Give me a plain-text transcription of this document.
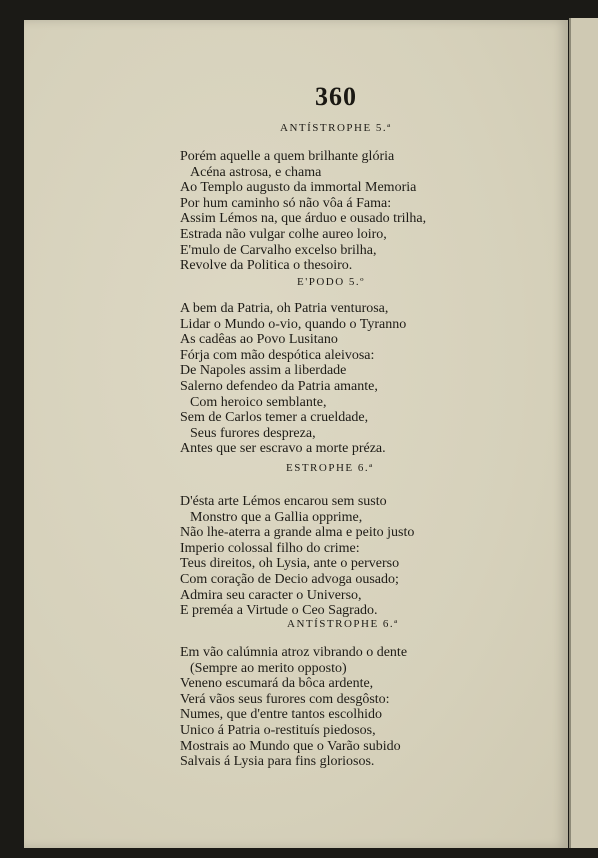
360

ANTÍSTROPHE 5.ª

Porém aquelle a quem brilhante glória

Acéna astrosa, e chama

Ao Templo augusto da immortal Memoria

Por hum caminho só não vôa á Fama:

Assim Lémos na, que árduo e ousado trilha,

Estrada não vulgar colhe aureo loiro,

E'mulo de Carvalho excelso brilha,

Revolve da Politica o thesoiro.

E'PODO 5.º

A bem da Patria, oh Patria venturosa,

Lidar o Mundo o-vio, quando o Tyranno

As cadêas ao Povo Lusitano

Fórja com mão despótica aleivosa:

De Napoles assim a liberdade

Salerno defendeo da Patria amante,

Com heroico semblante,

Sem de Carlos temer a crueldade,

Seus furores despreza,

Antes que ser escravo a morte préza.

ESTROPHE 6.ª

D'ésta arte Lémos encarou sem susto

Monstro que a Gallia opprime,

Não lhe-aterra a grande alma e peito justo

Imperio colossal filho do crime:

Teus direitos, oh Lysia, ante o perverso

Com coração de Decio advoga ousado;

Admira seu caracter o Universo,

E preméa a Virtude o Ceo Sagrado.

ANTÍSTROPHE 6.ª

Em vão calúmnia atroz vibrando o dente

(Sempre ao merito opposto)

Veneno escumará da bôca ardente,

Verá vãos seus furores com desgôsto:

Numes, que d'entre tantos escolhido

Unico á Patria o-restituís piedosos,

Mostrais ao Mundo que o Varão subido

Salvais á Lysia para fins gloriosos.
